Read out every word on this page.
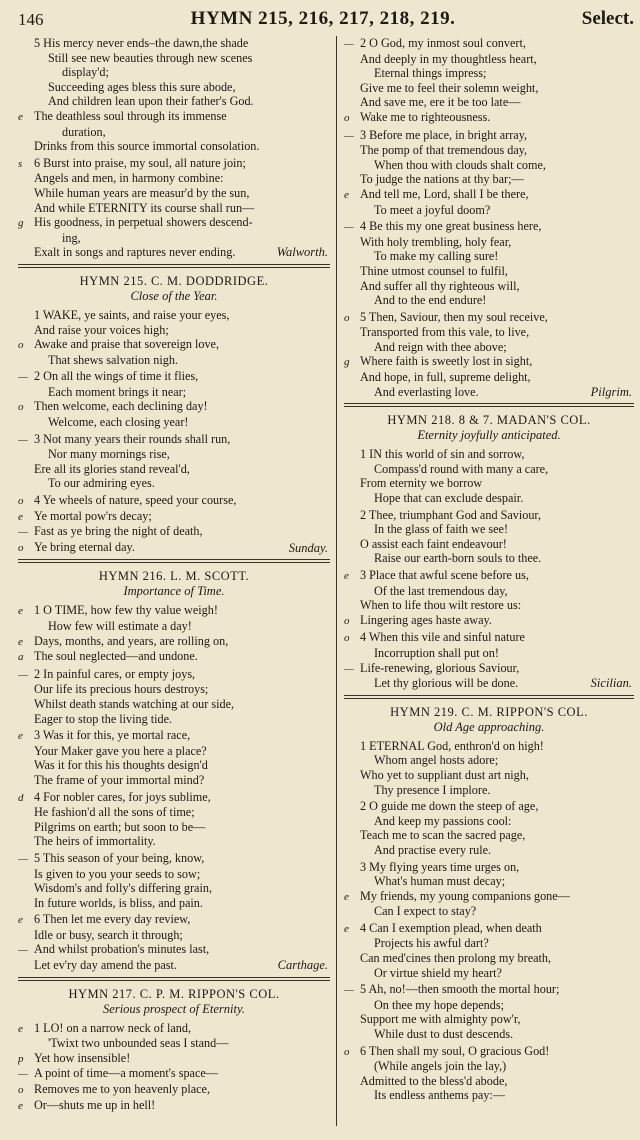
146	HYMN 215, 216, 217, 218, 219.	Select.
5 His mercy never ends–the dawn,the shade
Still see new beauties through new scenes
display'd;
Succeeding ages bless this sure abode,
And children lean upon their father's God.
e The deathless soul through its immense
duration,
Drinks from this source immortal consolation.
s 6 Burst into praise, my soul, all nature join;
Angels and men, in harmony combine:
While human years are measur'd by the sun,
And while ETERNITY its course shall run—
g His goodness, in perpetual showers descend-
ing,
Exalt in songs and raptures never ending.	Walworth.
HYMN 215. C. M. DODDRIDGE.
Close of the Year.
1 WAKE, ye saints, and raise your eyes,
And raise your voices high;
o Awake and praise that sovereign love,
That shews salvation nigh.
— 2 On all the wings of time it flies,
Each moment brings it near;
o Then welcome, each declining day!
Welcome, each closing year!
— 3 Not many years their rounds shall run,
Nor many mornings rise,
Ere all its glories stand reveal'd,
To our admiring eyes.
o 4 Ye wheels of nature, speed your course,
e Ye mortal pow'rs decay;
— Fast as ye bring the night of death,
o Ye bring eternal day.	Sunday.
HYMN 216. L. M. SCOTT.
Importance of Time.
e 1 O TIME, how few thy value weigh!
How few will estimate a day!
e Days, months, and years, are rolling on,
a The soul neglected—and undone.
— 2 In painful cares, or empty joys,
Our life its precious hours destroys;
Whilst death stands watching at our side,
Eager to stop the living tide.
e 3 Was it for this, ye mortal race,
Your Maker gave you here a place?
Was it for this his thoughts design'd
The frame of your immortal mind?
d 4 For nobler cares, for joys sublime,
He fashion'd all the sons of time;
Pilgrims on earth; but soon to be—
The heirs of immortality.
— 5 This season of your being, know,
Is given to you your seeds to sow;
Wisdom's and folly's differing grain,
In future worlds, is bliss, and pain.
e 6 Then let me every day review,
Idle or busy, search it through;
— And whilst probation's minutes last,
Let ev'ry day amend the past.	Carthage.
HYMN 217. C. P. M. RIPPON'S COL.
Serious prospect of Eternity.
e 1 LO! on a narrow neck of land,
'Twixt two unbounded seas I stand—
p Yet how insensible!
— A point of time—a moment's space—
o Removes me to yon heavenly place,
e Or—shuts me up in hell!
— 2 O God, my inmost soul convert,
And deeply in my thoughtless heart,
Eternal things impress;
Give me to feel their solemn weight,
And save me, ere it be too late—
o Wake me to righteousness.
— 3 Before me place, in bright array,
The pomp of that tremendous day,
When thou with clouds shalt come,
To judge the nations at thy bar;—
e And tell me, Lord, shall I be there,
To meet a joyful doom?
— 4 Be this my one great business here,
With holy trembling, holy fear,
To make my calling sure!
Thine utmost counsel to fulfil,
And suffer all thy righteous will,
And to the end endure!
o 5 Then, Saviour, then my soul receive,
Transported from this vale, to live,
And reign with thee above;
g Where faith is sweetly lost in sight,
And hope, in full, supreme delight,
And everlasting love.	Pilgrim.
HYMN 218. 8 & 7. MADAN'S COL.
Eternity joyfully anticipated.
1 IN this world of sin and sorrow,
Compass'd round with many a care,
From eternity we borrow
Hope that can exclude despair.
2 Thee, triumphant God and Saviour,
In the glass of faith we see!
O assist each faint endeavour!
Raise our earth-born souls to thee.
e 3 Place that awful scene before us,
Of the last tremendous day,
When to life thou wilt restore us:
o Lingering ages haste away.
o 4 When this vile and sinful nature
Incorruption shall put on!
— Life-renewing, glorious Saviour,
Let thy glorious will be done.	Sicilian.
HYMN 219. C. M. RIPPON'S COL.
Old Age approaching.
1 ETERNAL God, enthron'd on high!
Whom angel hosts adore;
Who yet to suppliant dust art nigh,
Thy presence I implore.
2 O guide me down the steep of age,
And keep my passions cool:
Teach me to scan the sacred page,
And practise every rule.
3 My flying years time urges on,
What's human must decay;
e My friends, my young companions gone—
Can I expect to stay?
e 4 Can I exemption plead, when death
Projects his awful dart?
Can med'cines then prolong my breath,
Or virtue shield my heart?
— 5 Ah, no!—then smooth the mortal hour;
On thee my hope depends;
Support me with almighty pow'r,
While dust to dust descends.
o 6 Then shall my soul, O gracious God!
(While angels join the lay,)
Admitted to the bless'd abode,
Its endless anthems pay:—
